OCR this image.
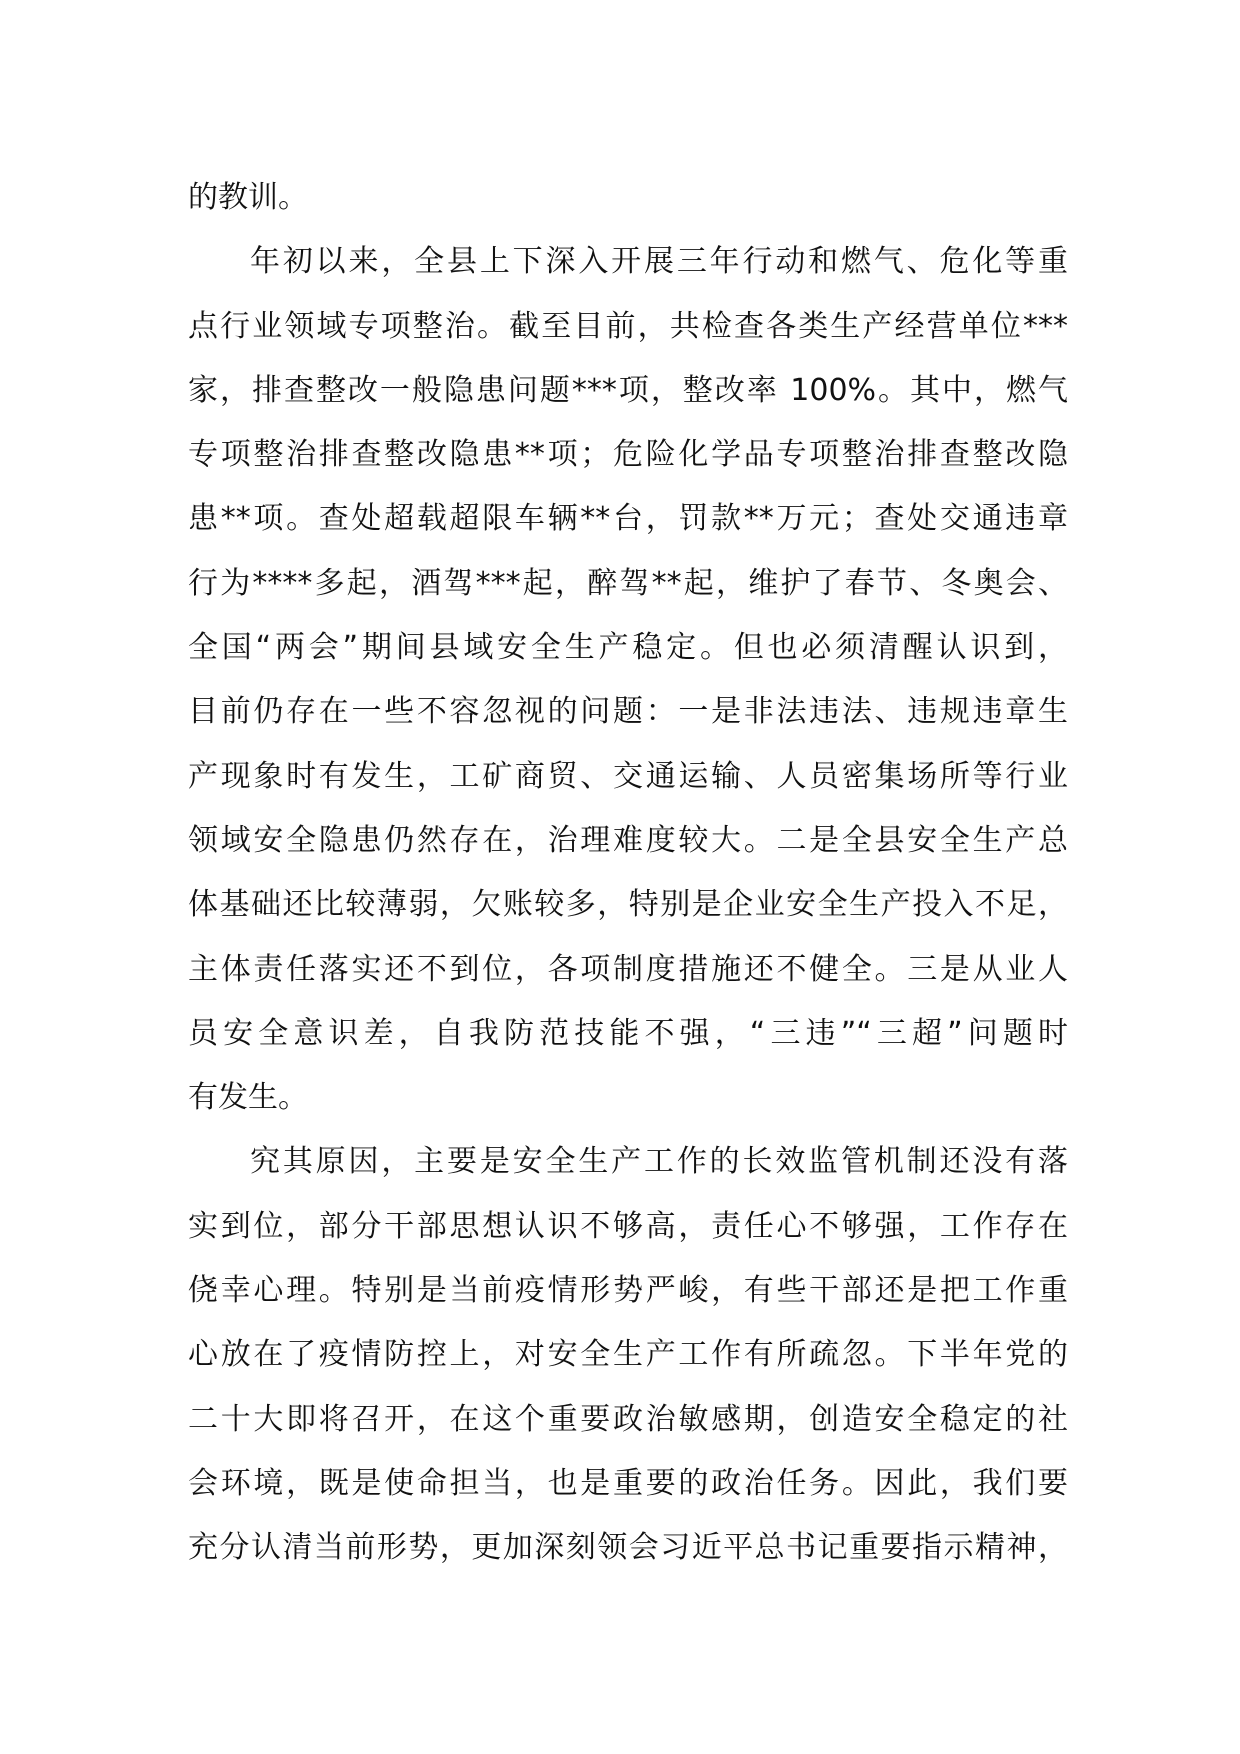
的教训。
年初以来，全县上下深入开展三年行动和燃气、危化等重
点行业领域专项整治。截至目前，共检查各类生产经营单位***
家，排查整改一般隐患问题***项，整改率 100%。其中，燃气
专项整治排查整改隐患**项；危险化学品专项整治排查整改隐
患**项。查处超载超限车辆**台，罚款**万元；查处交通违章
行为****多起，酒驾***起，醉驾**起，维护了春节、冬奥会、
全国“两会”期间县域安全生产稳定。但也必须清醒认识到，
目前仍存在一些不容忽视的问题：一是非法违法、违规违章生
产现象时有发生，工矿商贸、交通运输、人员密集场所等行业
领域安全隐患仍然存在，治理难度较大。二是全县安全生产总
体基础还比较薄弱，欠账较多，特别是企业安全生产投入不足，
主体责任落实还不到位，各项制度措施还不健全。三是从业人
员安全意识差，自我防范技能不强，“三违”“三超”问题时
有发生。
究其原因，主要是安全生产工作的长效监管机制还没有落
实到位，部分干部思想认识不够高，责任心不够强，工作存在
侥幸心理。特别是当前疫情形势严峻，有些干部还是把工作重
心放在了疫情防控上，对安全生产工作有所疏忽。下半年党的
二十大即将召开，在这个重要政治敏感期，创造安全稳定的社
会环境，既是使命担当，也是重要的政治任务。因此，我们要
充分认清当前形势，更加深刻领会习近平总书记重要指示精神，
